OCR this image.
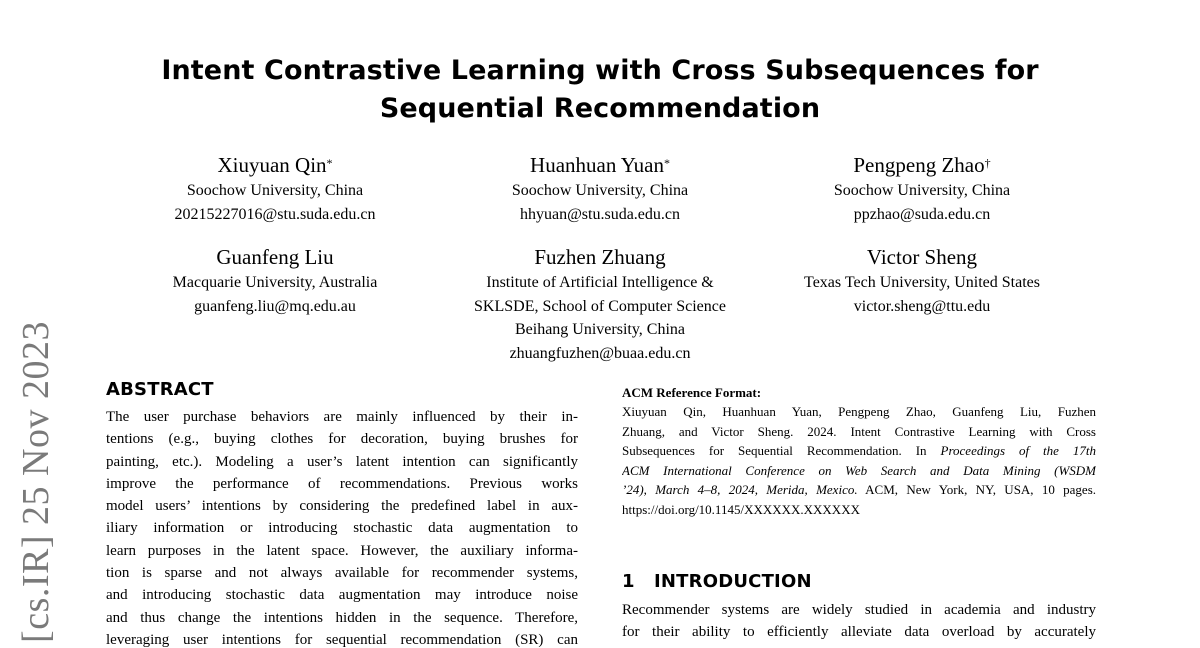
[cs.IR] 25 Nov 2023
Intent Contrastive Learning with Cross Subsequences for
Sequential Recommendation
Xiuyuan Qin*
Soochow University, China
20215227016@stu.suda.edu.cn
Huanhuan Yuan*
Soochow University, China
hhyuan@stu.suda.edu.cn
Pengpeng Zhao†
Soochow University, China
ppzhao@suda.edu.cn
Guanfeng Liu
Macquarie University, Australia
guanfeng.liu@mq.edu.au
Fuzhen Zhuang
Institute of Artificial Intelligence &
SKLSDE, School of Computer Science
Beihang University, China
zhuangfuzhen@buaa.edu.cn
Victor Sheng
Texas Tech University, United States
victor.sheng@ttu.edu
ABSTRACT
The user purchase behaviors are mainly influenced by their in-
tentions (e.g., buying clothes for decoration, buying brushes for
painting, etc.). Modeling a user’s latent intention can significantly
improve the performance of recommendations. Previous works
model users’ intentions by considering the predefined label in aux-
iliary information or introducing stochastic data augmentation to
learn purposes in the latent space. However, the auxiliary informa-
tion is sparse and not always available for recommender systems,
and introducing stochastic data augmentation may introduce noise
and thus change the intentions hidden in the sequence. Therefore,
leveraging user intentions for sequential recommendation (SR) can
ACM Reference Format:
Xiuyuan Qin, Huanhuan Yuan, Pengpeng Zhao, Guanfeng Liu, Fuzhen
Zhuang, and Victor Sheng. 2024. Intent Contrastive Learning with Cross
Subsequences for Sequential Recommendation. In Proceedings of the 17th
ACM International Conference on Web Search and Data Mining (WSDM
’24), March 4–8, 2024, Merida, Mexico. ACM, New York, NY, USA, 10 pages.
https://doi.org/10.1145/XXXXXX.XXXXXX
1 INTRODUCTION
Recommender systems are widely studied in academia and industry
for their ability to efficiently alleviate data overload by accurately
